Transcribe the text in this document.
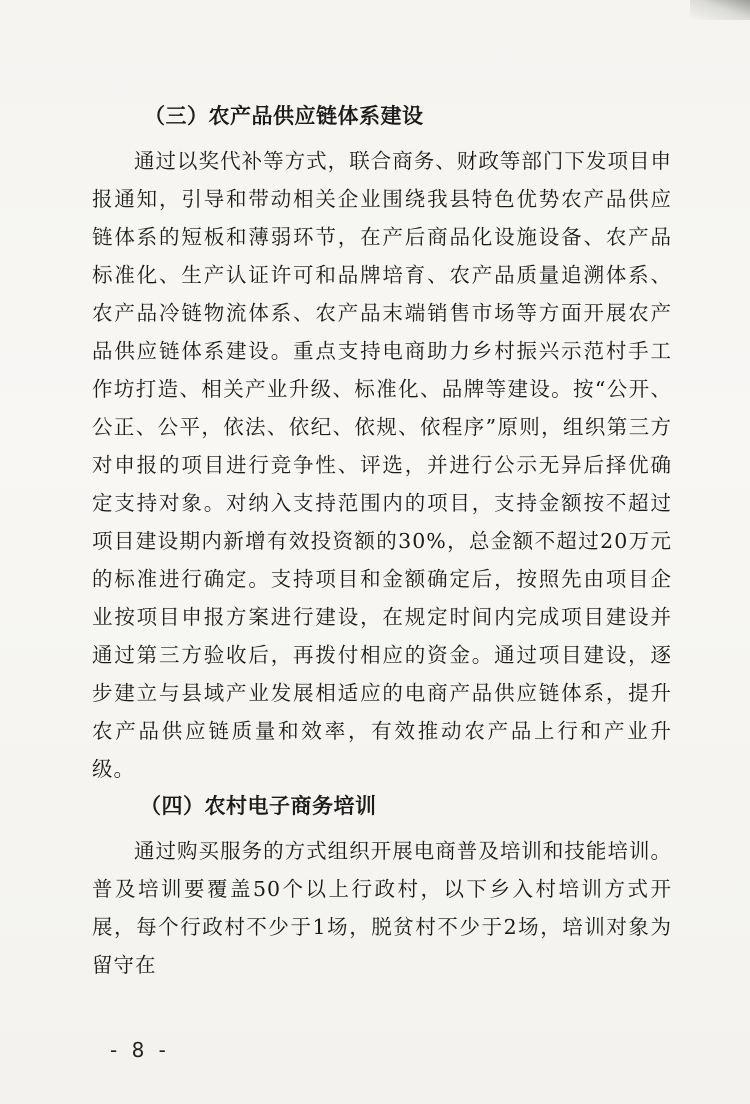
（三）农产品供应链体系建设

通过以奖代补等方式，联合商务、财政等部门下发项目申报通知，引导和带动相关企业围绕我县特色优势农产品供应链体系的短板和薄弱环节，在产后商品化设施设备、农产品标准化、生产认证许可和品牌培育、农产品质量追溯体系、农产品冷链物流体系、农产品末端销售市场等方面开展农产品供应链体系建设。重点支持电商助力乡村振兴示范村手工作坊打造、相关产业升级、标准化、品牌等建设。按“公开、公正、公平，依法、依纪、依规、依程序”原则，组织第三方对申报的项目进行竞争性、评选，并进行公示无异后择优确定支持对象。对纳入支持范围内的项目，支持金额按不超过项目建设期内新增有效投资额的30%，总金额不超过20万元的标准进行确定。支持项目和金额确定后，按照先由项目企业按项目申报方案进行建设，在规定时间内完成项目建设并通过第三方验收后，再拨付相应的资金。通过项目建设，逐步建立与县域产业发展相适应的电商产品供应链体系，提升农产品供应链质量和效率，有效推动农产品上行和产业升级。

（四）农村电子商务培训

通过购买服务的方式组织开展电商普及培训和技能培训。普及培训要覆盖50个以上行政村，以下乡入村培训方式开展，每个行政村不少于1场，脱贫村不少于2场，培训对象为留守在

- 8 -
